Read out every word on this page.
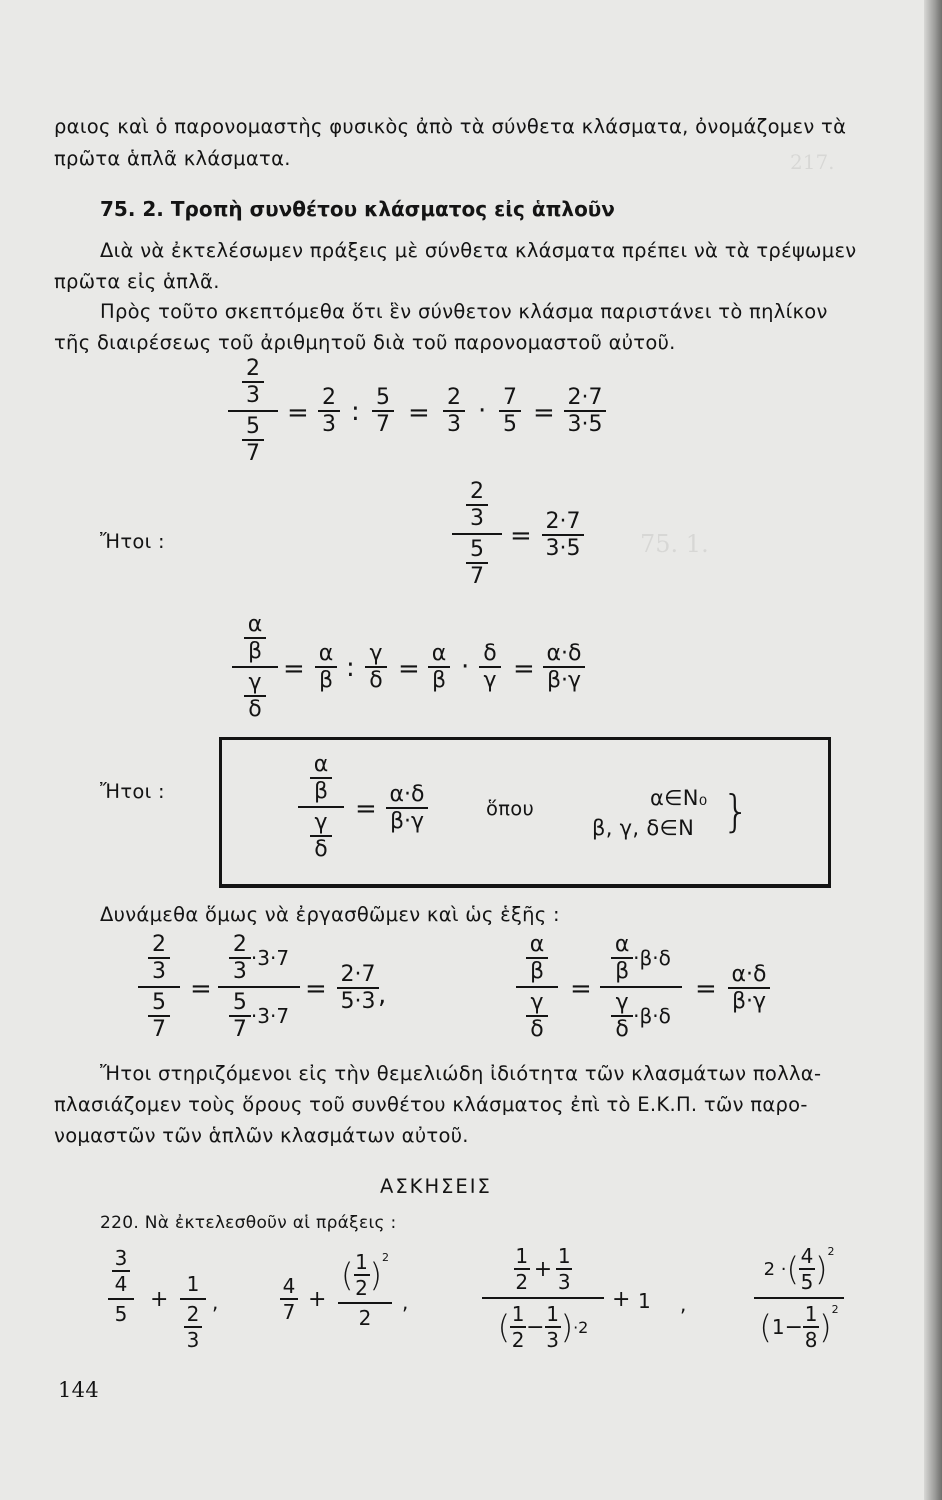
217.
75. 1.
ραιος καὶ ὁ παρονομαστὴς φυσικὸς ἀπὸ τὰ σύνθετα κλάσματα, ὀνομάζομεν τὰ
πρῶτα ἁπλᾶ κλάσματα.
75. 2. Τροπὴ συνθέτου κλάσματος εἰς ἁπλοῦν
Διὰ νὰ ἐκτελέσωμεν πράξεις μὲ σύνθετα κλάσματα πρέπει νὰ τὰ τρέψωμεν
πρῶτα εἰς ἁπλᾶ.
Πρὸς τοῦτο σκεπτόμεθα ὅτι ἓν σύνθετον κλάσμα παριστάνει τὸ πηλίκον
τῆς διαιρέσεως τοῦ ἀριθμητοῦ διὰ τοῦ παρονομαστοῦ αὐτοῦ.
$\frac{2}{3}$
$\frac{5}{7}$
=
2
3 : 5
7 =
2
3 · 7
5 =
2·7
3·5
Ἤτοι :
$\frac{2}{3}$
$\frac{5}{7}$
= 2·7
3·5
$\frac{\alpha}{\beta}$
$\frac{\gamma}{\delta}$
=
α
β : γ
δ =
α
β · δ
γ =
α·δ
β·γ
Ἤτοι :	$\frac{\alpha}{\beta}$
$\frac{\gamma}{\delta}$
= α·δ
β·γ
ὅπου	α∈N₀
β, γ, δ∈N }
Δυνάμεθα ὅμως νὰ ἐργασθῶμεν καὶ ὡς ἑξῆς :
$\frac{2}{3}$
$\frac{5}{7}$
=
$\frac{2}{3} \cdot 3\cdot 7$
$\frac{5}{7} \cdot 3\cdot 7$
= 2·7
5·3 ,
$\frac{\alpha}{\beta}$
$\frac{\gamma}{\delta}$
=
$\frac{\alpha}{\beta} \cdot\beta\cdot\delta$
$\frac{\gamma}{\delta} \cdot\beta\cdot\delta$
= α·δ
β·γ
Ἤτοι στηριζόμενοι εἰς τὴν θεμελιώδη ἰδιότητα τῶν κλασμάτων πολλα-
πλασιάζομεν τοὺς ὅρους τοῦ συνθέτου κλάσματος ἐπὶ τὸ Ε.Κ.Π. τῶν παρο-
νομαστῶν τῶν ἁπλῶν κλασμάτων αὐτοῦ.
ΑΣΚΗΣΕΙΣ
220. Νὰ ἐκτελεσθοῦν αἱ πράξεις :
$\frac{3}{4}$
5
+
1
$\frac{2}{3}$ ,
4
7 +
( $\frac{1}{2} )^2$
2
,
$\frac{1}{2} + \frac{1}{3}$
( $\frac{1}{2} - \frac{1}{3}$ ) ·2
+ 1 ,
2 · ( $\frac{4}{5} )^2$
( $1 - \frac{1}{8} )^2$
144
